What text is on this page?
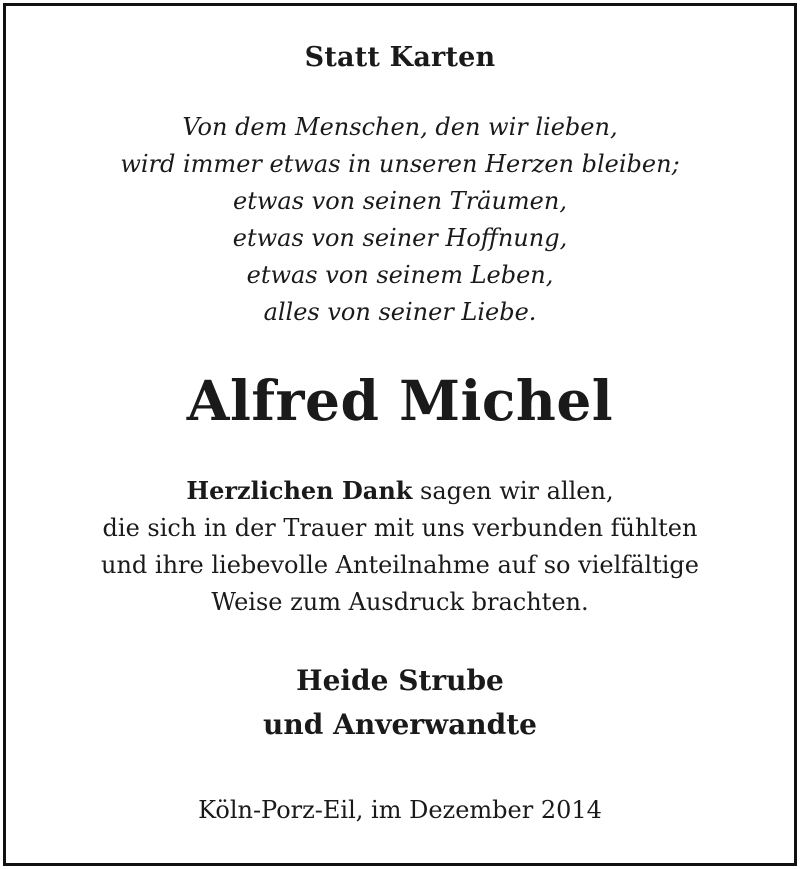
Statt Karten
Von dem Menschen, den wir lieben,
wird immer etwas in unseren Herzen bleiben;
etwas von seinen Träumen,
etwas von seiner Hoffnung,
etwas von seinem Leben,
alles von seiner Liebe.
Alfred Michel
Herzlichen Dank sagen wir allen,
die sich in der Trauer mit uns verbunden fühlten
und ihre liebevolle Anteilnahme auf so vielfältige
Weise zum Ausdruck brachten.
Heide Strube
und Anverwandte
Köln-Porz-Eil, im Dezember 2014
